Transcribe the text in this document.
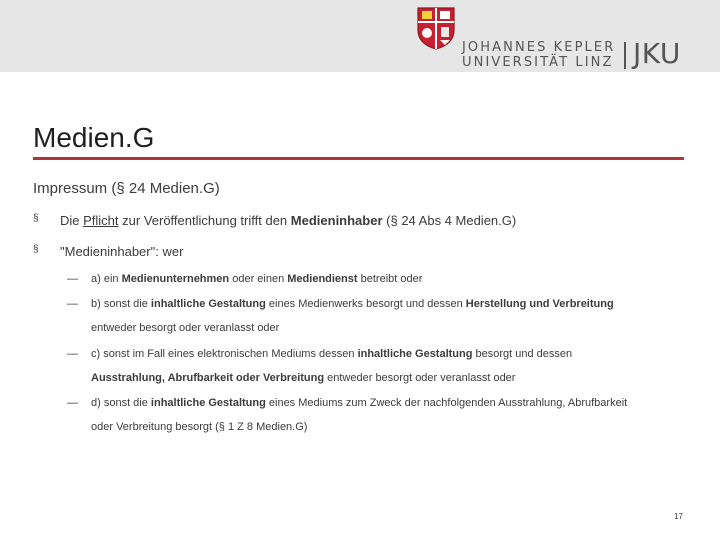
JOHANNES KEPLER
UNIVERSITÄT LINZ JKU
Medien.G
Impressum (§ 24 Medien.G)
§ Die Pflicht zur Veröffentlichung trifft den Medieninhaber (§ 24 Abs 4 Medien.G)
§ "Medieninhaber": wer
— a) ein Medienunternehmen oder einen Mediendienst betreibt oder
— b) sonst die inhaltliche Gestaltung eines Medienwerks besorgt und dessen Herstellung und Verbreitung
entweder besorgt oder veranlasst oder
— c) sonst im Fall eines elektronischen Mediums dessen inhaltliche Gestaltung besorgt und dessen
Ausstrahlung, Abrufbarkeit oder Verbreitung entweder besorgt oder veranlasst oder
— d) sonst die inhaltliche Gestaltung eines Mediums zum Zweck der nachfolgenden Ausstrahlung, Abrufbarkeit
oder Verbreitung besorgt (§ 1 Z 8 Medien.G)
17
